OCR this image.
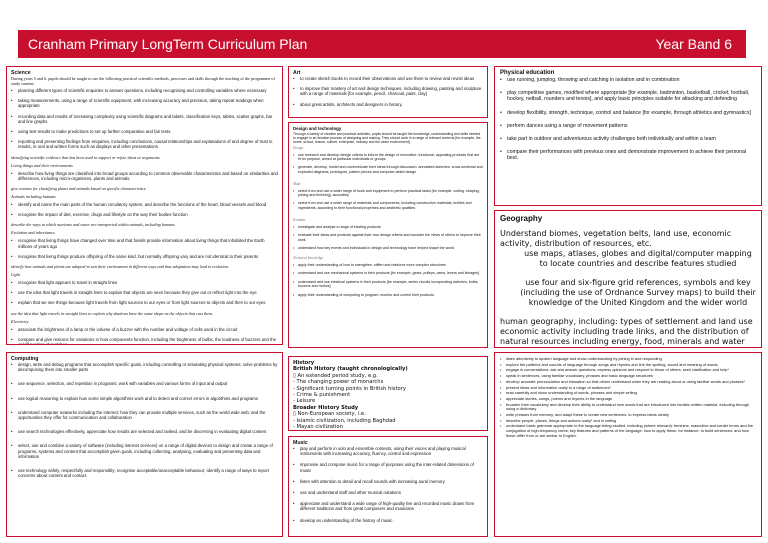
Cranham Primary LongTerm Curriculum Plan	Year Band 6
Science
During years 5 and 6, pupils should be taught to use the following practical scientific methods, processes and skills through the teaching of the programme of study content:
• planning different types of scientific enquiries to answer questions, including recognising and controlling variables where necessary
• taking measurements, using a range of scientific equipment, with increasing accuracy and precision, taking repeat readings when appropriate
• recording data and results of increasing complexity using scientific diagrams and labels, classification keys, tables, scatter graphs, bar and line graphs
• using test results to make predictions to set up further comparative and fair tests
• reporting and presenting findings from enquiries, including conclusions, causal relationships and explanations of and degree of trust in results, in oral and written forms such as displays and other presentations
identifying scientific evidence that has been used to support or refute ideas or arguments
Living things and their environments
• describe how living things are classified into broad groups according to common observable characteristics and based on similarities and differences, including micro-organisms, plants and animals
give reasons for classifying plants and animals based on specific characteristics.
Animals including humans
• identify and name the main parts of the human circulatory system, and describe the functions of the heart, blood vessels and blood
• recognise the impact of diet, exercise, drugs and lifestyle on the way their bodies function
describe the ways in which nutrients and water are transported within animals, including humans
Evolution and inheritance
• recognise that living things have changed over time and that fossils provide information about living things that inhabited the Earth millions of years ago
• recognise that living things produce offspring of the same kind, but normally offspring vary and are not identical to their parents
identify how animals and plants are adapted to suit their environment in different ways and that adaptation may lead to evolution.
Light
• recognise that light appears to travel in straight lines
• use the idea that light travels in straight lines to explain that objects are seen because they give out or reflect light into the eye
• explain that we see things because light travels from light sources to our eyes or from light sources to objects and then to our eyes
use the idea that light travels in straight lines to explain why shadows have the same shape as the objects that cast them.
Electricity
• associate the brightness of a lamp or the volume of a buzzer with the number and voltage of cells used in the circuit
• compare and give reasons for variations in how components function, including the brightness of bulbs, the loudness of buzzers and the on/off position of switches
Art
• to create sketch books to record their observations and use them to review and revisit ideas
• to improve their mastery of art and design techniques, including drawing, painting and sculpture with a range of materials [for example, pencil, charcoal, paint, clay]
• about great artists, architects and designers in history.
Design and technology
Through a variety of creative and practical activities, pupils should be taught the knowledge, understanding and skills needed to engage in an iterative process of designing and making. They should work in a range of relevant contexts [for example, the home, school, leisure, culture, enterprise, industry and the wider environment].
Design
• use research and develop design criteria to inform the design of innovative, functional, appealing products that are fit for purpose, aimed at particular individuals or groups
• generate, develop, model and communicate their ideas through discussion, annotated sketches, cross-sectional and exploded diagrams, prototypes, pattern pieces and computer-aided design
Make
• select from and use a wider range of tools and equipment to perform practical tasks [for example, cutting, shaping, joining and finishing], accurately
• select from and use a wider range of materials and components, including construction materials, textiles and ingredients, according to their functional properties and aesthetic qualities
Evaluate
• investigate and analyse a range of existing products
• evaluate their ideas and products against their own design criteria and consider the views of others to improve their work
• understand how key events and individuals in design and technology have helped shape the world
Technical knowledge
• apply their understanding of how to strengthen, stiffen and reinforce more complex structures
• understand and use mechanical systems in their products [for example, gears, pulleys, cams, levers and linkages]
• understand and use electrical systems in their products [for example, series circuits incorporating switches, bulbs, buzzers and motors]
• apply their understanding of computing to program, monitor and control their products.
Physical education
• use running, jumping, throwing and catching in isolation and in combination
• play competitive games, modified where appropriate [for example, badminton, basketball, cricket, football, hockey, netball, rounders and tennis], and apply basic principles suitable for attacking and defending
• develop flexibility, strength, technique, control and balance [for example, through athletics and gymnastics]
• perform dances using a range of movement patterns
• take part in outdoor and adventurous activity challenges both individually and within a team
• compare their performances with previous ones and demonstrate improvement to achieve their personal best.
Geography
Understand biomes, vegetation belts, land use, economic activity, distribution of resources, etc.
use maps, atlases, globes and digital/computer mapping to locate countries and describe features studied
use four and six-figure grid references, symbols and key (including the use of Ordnance Survey maps) to build their knowledge of the United Kingdom and the wider world
human geography, including: types of settlement and land use economic activity including trade links, and the distribution of natural resources including energy, food, minerals and water
History
British History (taught chronologically)
▯ An extended period study, e.g.
- The changing power of monarchs
- Significant turning points in British history
- Crime & punishment
- Leisure
Broader History Study
▯ Non-European society, i.e.
- Islamic civilization, including Baghdad
- Mayan civilization
Computing
• design, write and debug programs that accomplish specific goals, including controlling or simulating physical systems; solve problems by decomposing them into smaller parts
• use sequence, selection, and repetition in programs; work with variables and various forms of input and output
• use logical reasoning to explain how some simple algorithms work and to detect and correct errors in algorithms and programs
• understand computer networks including the internet; how they can provide multiple services, such as the world wide web; and the opportunities they offer for communication and collaboration
• use search technologies effectively, appreciate how results are selected and ranked, and be discerning in evaluating digital content
• select, use and combine a variety of software (including internet services) on a range of digital devices to design and create a range of programs, systems and content that accomplish given goals, including collecting, analysing, evaluating and presenting data and information
• use technology safely, respectfully and responsibly; recognise acceptable/unacceptable behaviour; identify a range of ways to report concerns about content and contact.
Music
• play and perform in solo and ensemble contexts, using their voices and playing musical instruments with increasing accuracy, fluency, control and expression
• improvise and compose music for a range of purposes using the inter-related dimensions of music
• listen with attention to detail and recall sounds with increasing aural memory
• use and understand staff and other musical notations
• appreciate and understand a wide range of high-quality live and recorded music drawn from different traditions and from great composers and musicians
• develop an understanding of the history of music.
• listen attentively to spoken language and show understanding by joining in and responding
• explore the patterns and sounds of language through songs and rhymes and link the spelling, sound and meaning of words
• engage in conversations; ask and answer questions; express opinions and respond to those of others; seek clarification and help*
• speak in sentences, using familiar vocabulary, phrases and basic language structures
• develop accurate pronunciation and intonation so that others understand when they are reading aloud or using familiar words and phrases*
• present ideas and information orally to a range of audiences*
• read carefully and show understanding of words, phrases and simple writing
• appreciate stories, songs, poems and rhymes in the language
• broaden their vocabulary and develop their ability to understand new words that are introduced into familiar written material, including through using a dictionary
• write phrases from memory, and adapt these to create new sentences, to express ideas clearly
• describe people, places, things and actions orally* and in writing
• understand basic grammar appropriate to the language being studied, including (where relevant): feminine, masculine and neuter forms and the conjugation of high-frequency verbs; key features and patterns of the language; how to apply these, for instance, to build sentences; and how these differ from or are similar to English.
